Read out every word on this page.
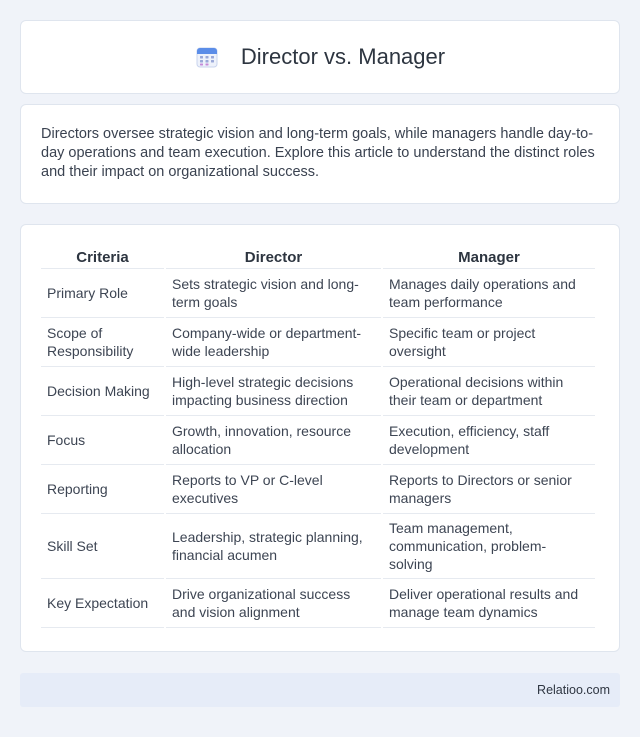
Director vs. Manager

Directors oversee strategic vision and long-term goals, while managers handle day-to-day operations and team execution. Explore this article to understand the distinct roles and their impact on organizational success.

Criteria	Director	Manager
Primary Role	Sets strategic vision and long-term goals	Manages daily operations and team performance
Scope of Responsibility	Company-wide or department-wide leadership	Specific team or project oversight
Decision Making	High-level strategic decisions impacting business direction	Operational decisions within their team or department
Focus	Growth, innovation, resource allocation	Execution, efficiency, staff development
Reporting	Reports to VP or C-level executives	Reports to Directors or senior managers
Skill Set	Leadership, strategic planning, financial acumen	Team management, communication, problem-solving
Key Expectation	Drive organizational success and vision alignment	Deliver operational results and manage team dynamics
Relatioo.com
